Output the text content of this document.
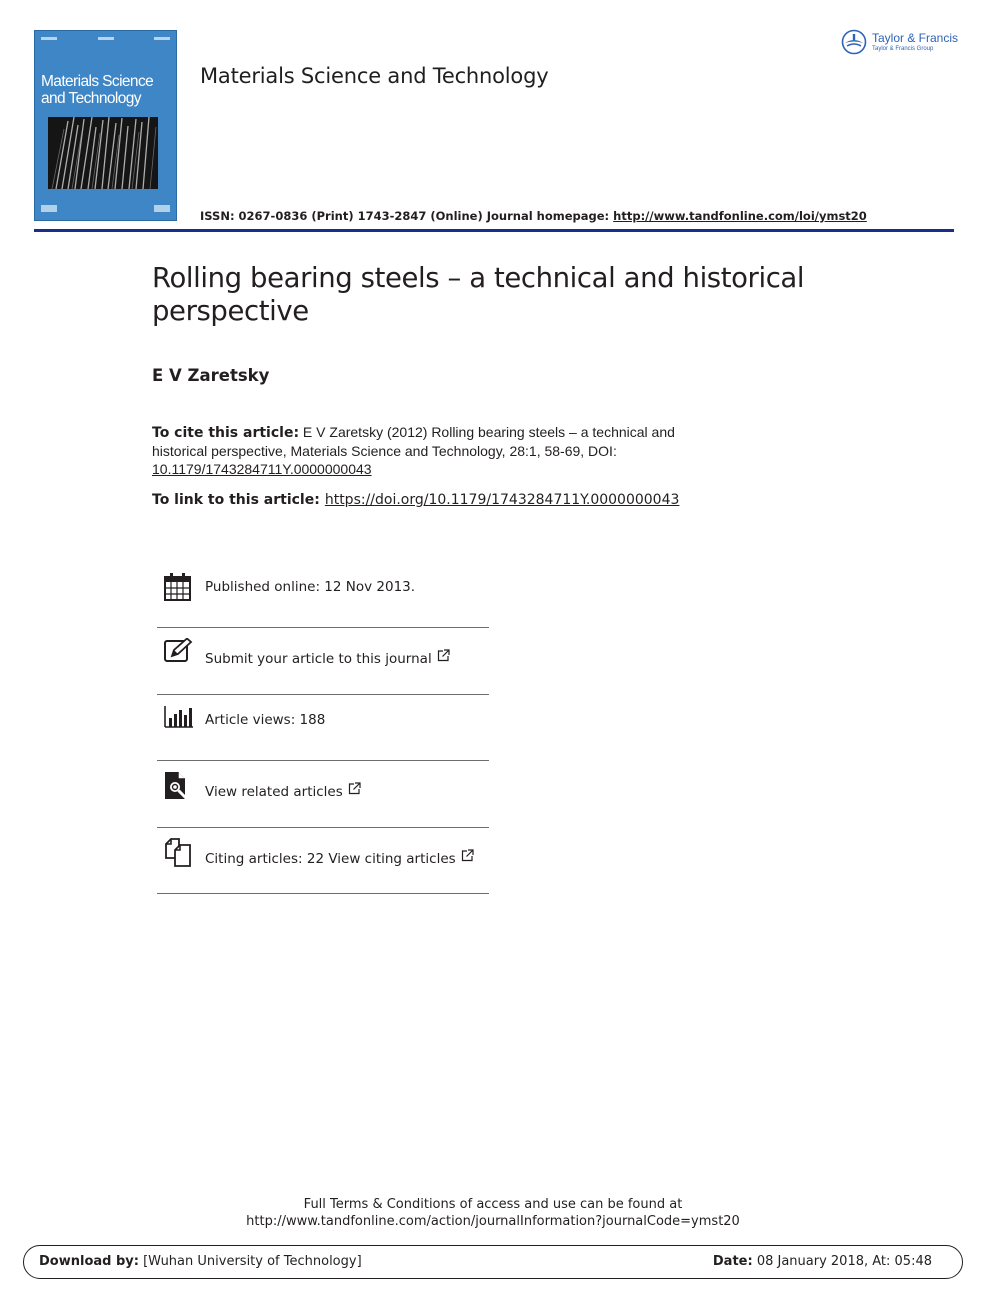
Materials Science
and Technology
Materials Science and Technology
Taylor & Francis
Taylor & Francis Group
ISSN: 0267-0836 (Print) 1743-2847 (Online) Journal homepage: http://www.tandfonline.com/loi/ymst20
Rolling bearing steels – a technical and historical perspective
E V Zaretsky
To cite this article: E V Zaretsky (2012) Rolling bearing steels – a technical and historical perspective, Materials Science and Technology, 28:1, 58-69, DOI: 10.1179/1743284711Y.0000000043
To link to this article: https://doi.org/10.1179/1743284711Y.0000000043
Published online: 12 Nov 2013.
Submit your article to this journal
Article views: 188
View related articles
Citing articles: 22 View citing articles
Full Terms & Conditions of access and use can be found at
http://www.tandfonline.com/action/journalInformation?journalCode=ymst20
Download by: [Wuhan University of Technology]	Date: 08 January 2018, At: 05:48
